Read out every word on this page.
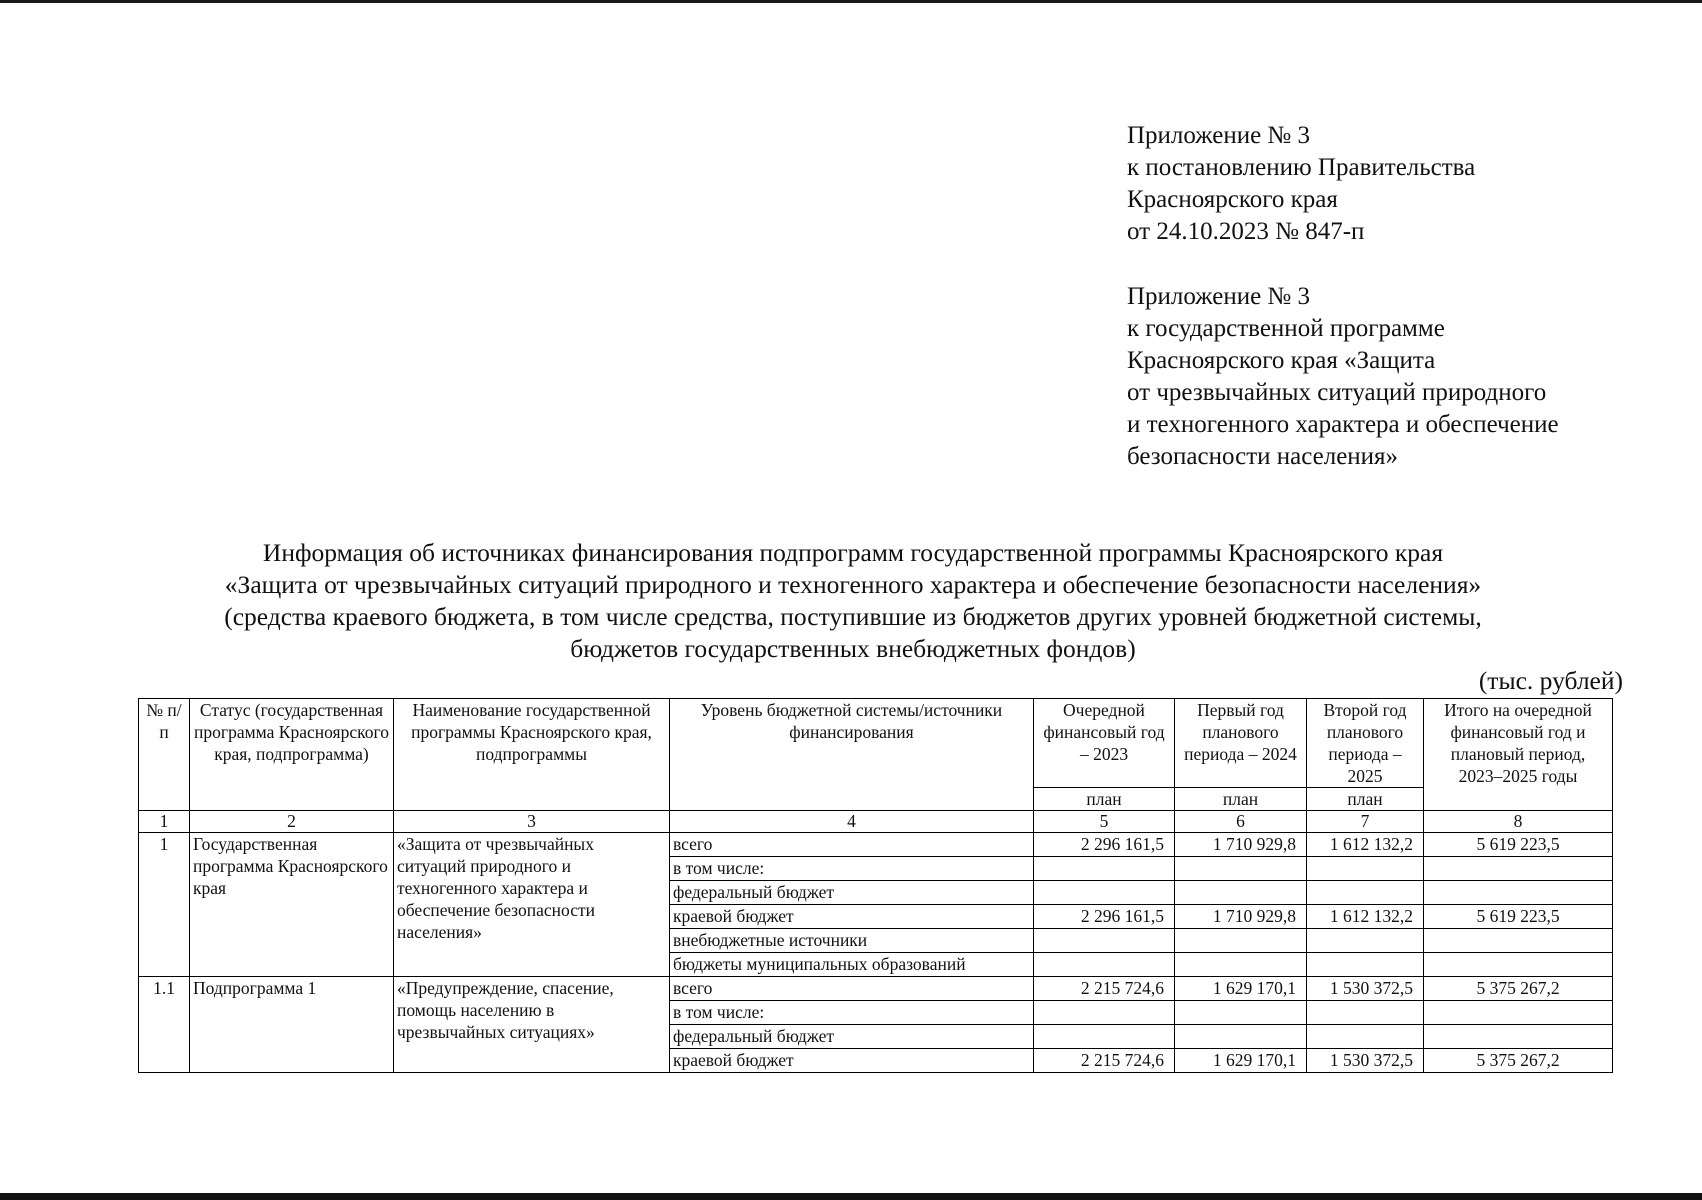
Приложение № 3
к постановлению Правительства
Красноярского края
от 24.10.2023 № 847-п
Приложение № 3
к государственной программе
Красноярского края «Защита
от чрезвычайных ситуаций природного
и техногенного характера и обеспечение
безопасности населения»
Информация об источниках финансирования подпрограмм государственной программы Красноярского края
«Защита от чрезвычайных ситуаций природного и техногенного характера и обеспечение безопасности населения»
(средства краевого бюджета, в том числе средства, поступившие из бюджетов других уровней бюджетной системы,
бюджетов государственных внебюджетных фондов)
(тыс. рублей)
№ п/п	Статус (государственная программа Красноярского края, подпрограмма)	Наименование государственной программы Красноярского края, подпрограммы	Уровень бюджетной системы/источники финансирования	Очередной финансовый год – 2023	Первый год планового периода – 2024	Второй год планового периода – 2025	Итого на очередной финансовый год и плановый период, 2023–2025 годы
				план	план	план	
1	2	3	4	5	6	7	8
1	Государственная программа Красноярского края	«Защита от чрезвычайных ситуаций природного и техногенного характера и обеспечение безопасности населения»	всего	2 296 161,5	1 710 929,8	1 612 132,2	5 619 223,5
			в том числе:				
			федеральный бюджет				
			краевой бюджет	2 296 161,5	1 710 929,8	1 612 132,2	5 619 223,5
			внебюджетные источники				
			бюджеты муниципальных образований				
1.1	Подпрограмма 1	«Предупреждение, спасение, помощь населению в чрезвычайных ситуациях»	всего	2 215 724,6	1 629 170,1	1 530 372,5	5 375 267,2
			в том числе:				
			федеральный бюджет				
			краевой бюджет	2 215 724,6	1 629 170,1	1 530 372,5	5 375 267,2
